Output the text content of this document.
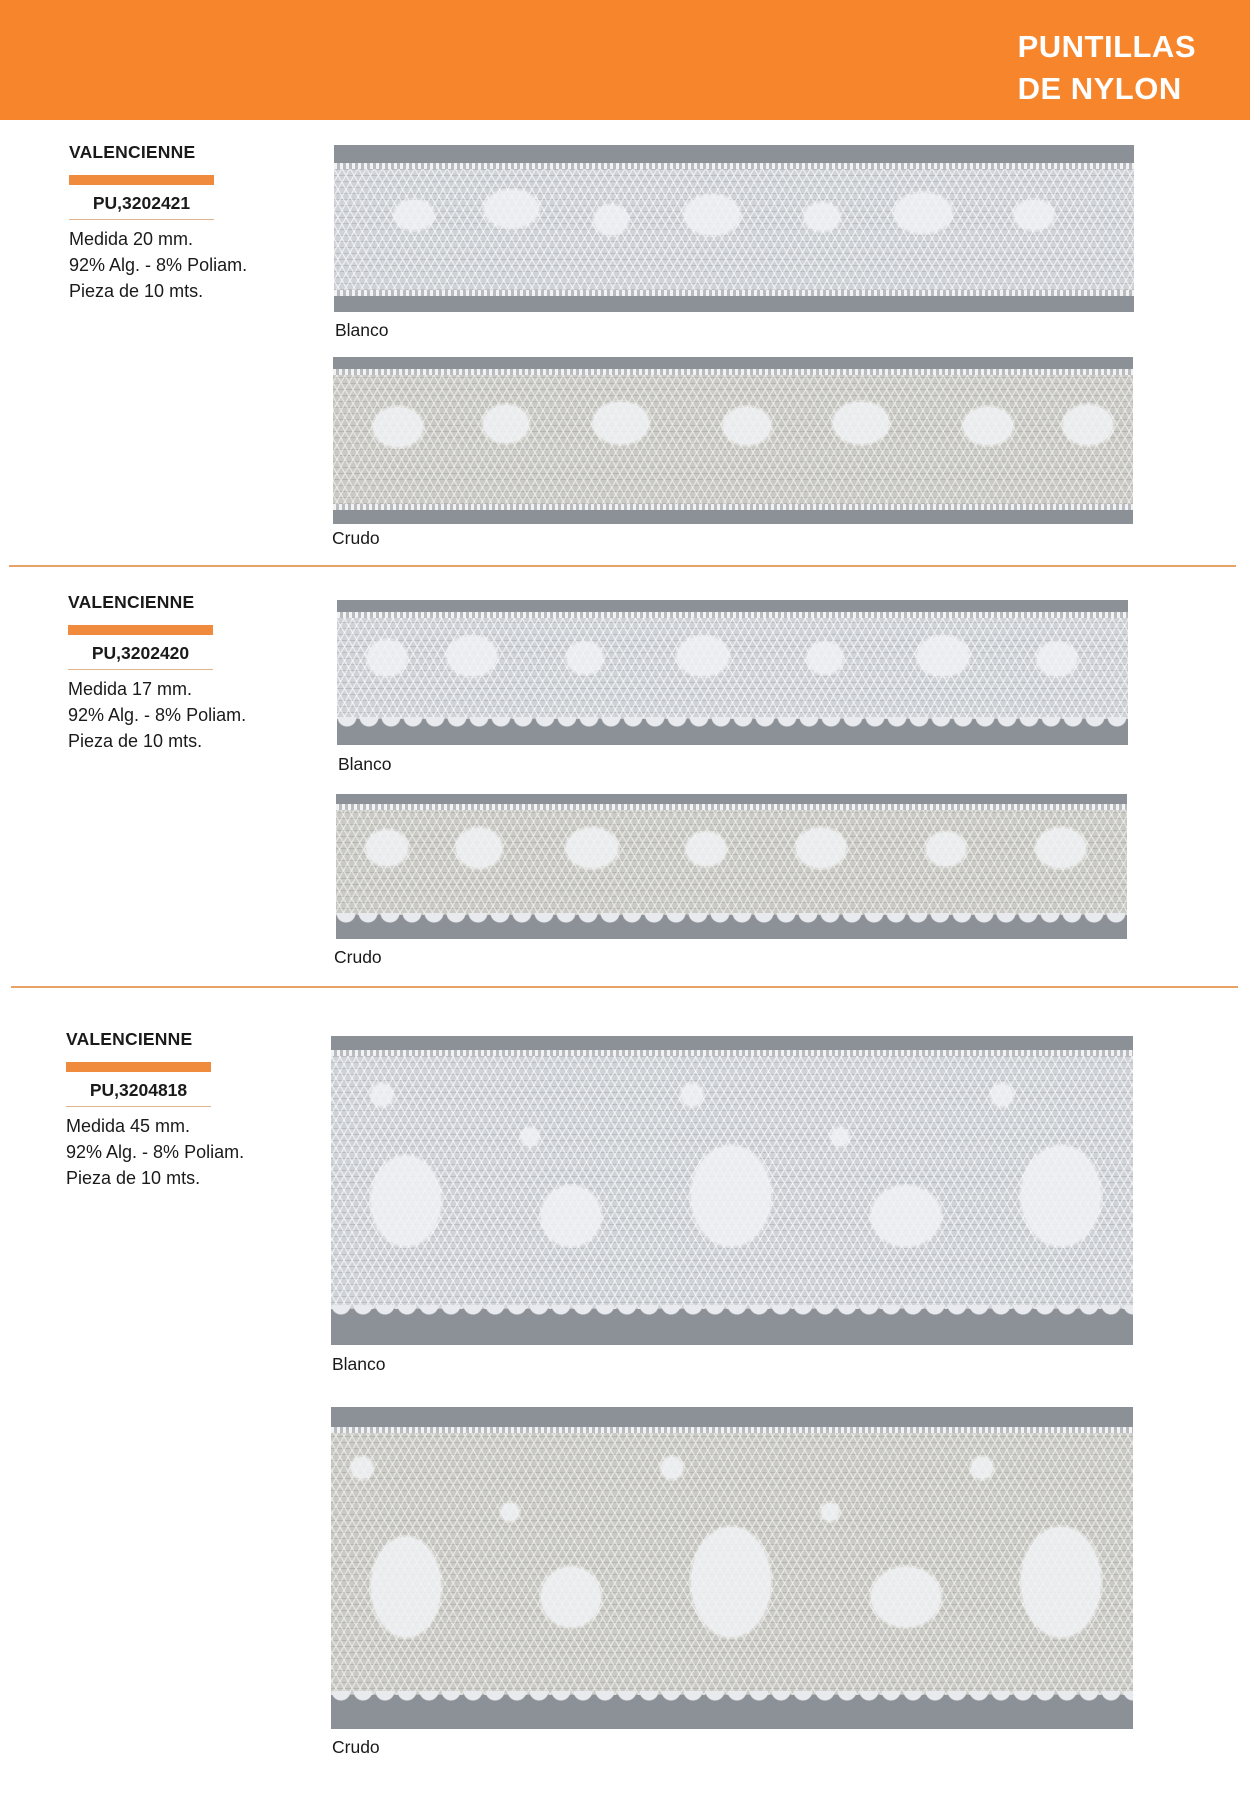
PUNTILLAS
DE NYLON
VALENCIENNE
PU,3202421
Medida 20 mm.
92% Alg. - 8% Poliam.
Pieza de 10 mts.
Blanco
Crudo
VALENCIENNE
PU,3202420
Medida 17 mm.
92% Alg. - 8% Poliam.
Pieza de 10 mts.
Blanco
Crudo
VALENCIENNE
PU,3204818
Medida 45 mm.
92% Alg. - 8% Poliam.
Pieza de 10 mts.
Blanco
Crudo
